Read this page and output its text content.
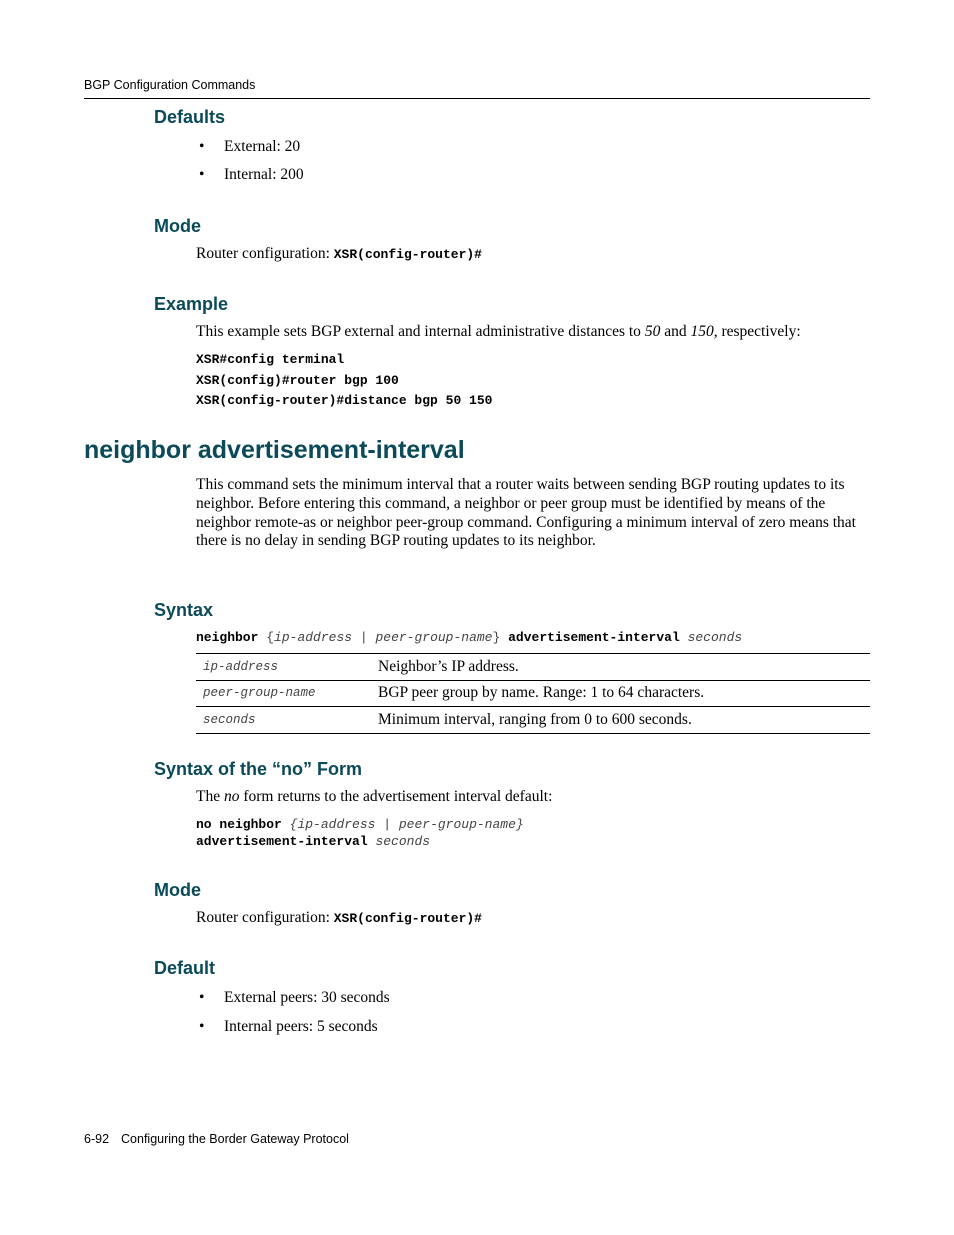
BGP Configuration Commands
Defaults
• External: 20
• Internal: 200
Mode
Router configuration: XSR(config-router)#
Example
This example sets BGP external and internal administrative distances to 50 and 150, respectively:
XSR#config terminal
XSR(config)#router bgp 100
XSR(config-router)#distance bgp 50 150
neighbor advertisement-interval
This command sets the minimum interval that a router waits between sending BGP routing updates to its neighbor. Before entering this command, a neighbor or peer group must be identified by means of the neighbor remote-as or neighbor peer-group command. Configuring a minimum interval of zero means that there is no delay in sending BGP routing updates to its neighbor.
Syntax
neighbor {ip-address | peer-group-name} advertisement-interval seconds
ip-address	Neighbor’s IP address.
peer-group-name	BGP peer group by name. Range: 1 to 64 characters.
seconds	Minimum interval, ranging from 0 to 600 seconds.
Syntax of the “no” Form
The no form returns to the advertisement interval default:
no neighbor {ip-address | peer-group-name}
advertisement-interval seconds
Mode
Router configuration: XSR(config-router)#
Default
• External peers: 30 seconds
• Internal peers: 5 seconds
6-92 Configuring the Border Gateway Protocol
